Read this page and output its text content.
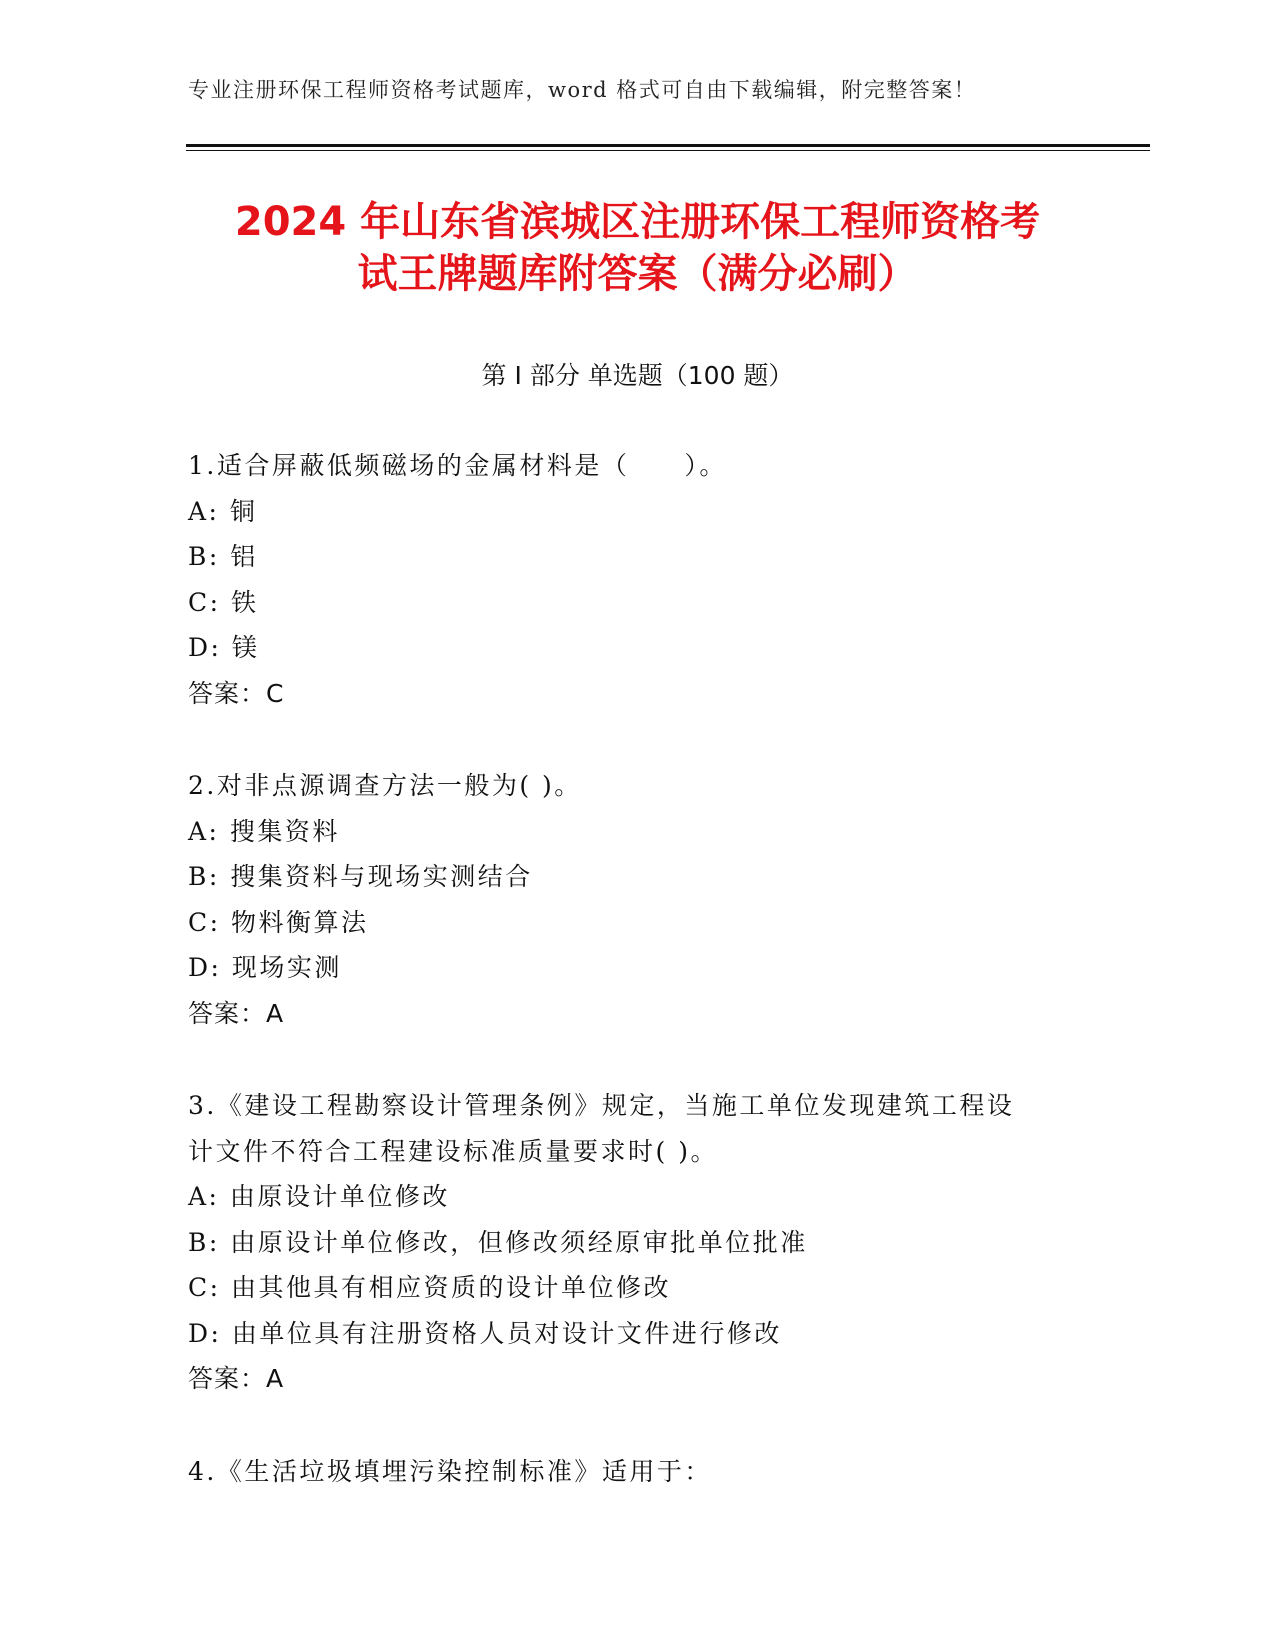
专业注册环保工程师资格考试题库，word 格式可自由下载编辑，附完整答案！
2024 年山东省滨城区注册环保工程师资格考
试王牌题库附答案（满分必刷）
第 I 部分 单选题（100 题）
1.适合屏蔽低频磁场的金属材料是（　　）。
A: 铜
B: 铝
C: 铁
D: 镁
答案：C
2.对非点源调查方法一般为( )。
A: 搜集资料
B: 搜集资料与现场实测结合
C: 物料衡算法
D: 现场实测
答案：A
3.《建设工程勘察设计管理条例》规定，当施工单位发现建筑工程设
计文件不符合工程建设标准质量要求时( )。
A: 由原设计单位修改
B: 由原设计单位修改，但修改须经原审批单位批准
C: 由其他具有相应资质的设计单位修改
D: 由单位具有注册资格人员对设计文件进行修改
答案：A
4.《生活垃圾填埋污染控制标准》适用于：
